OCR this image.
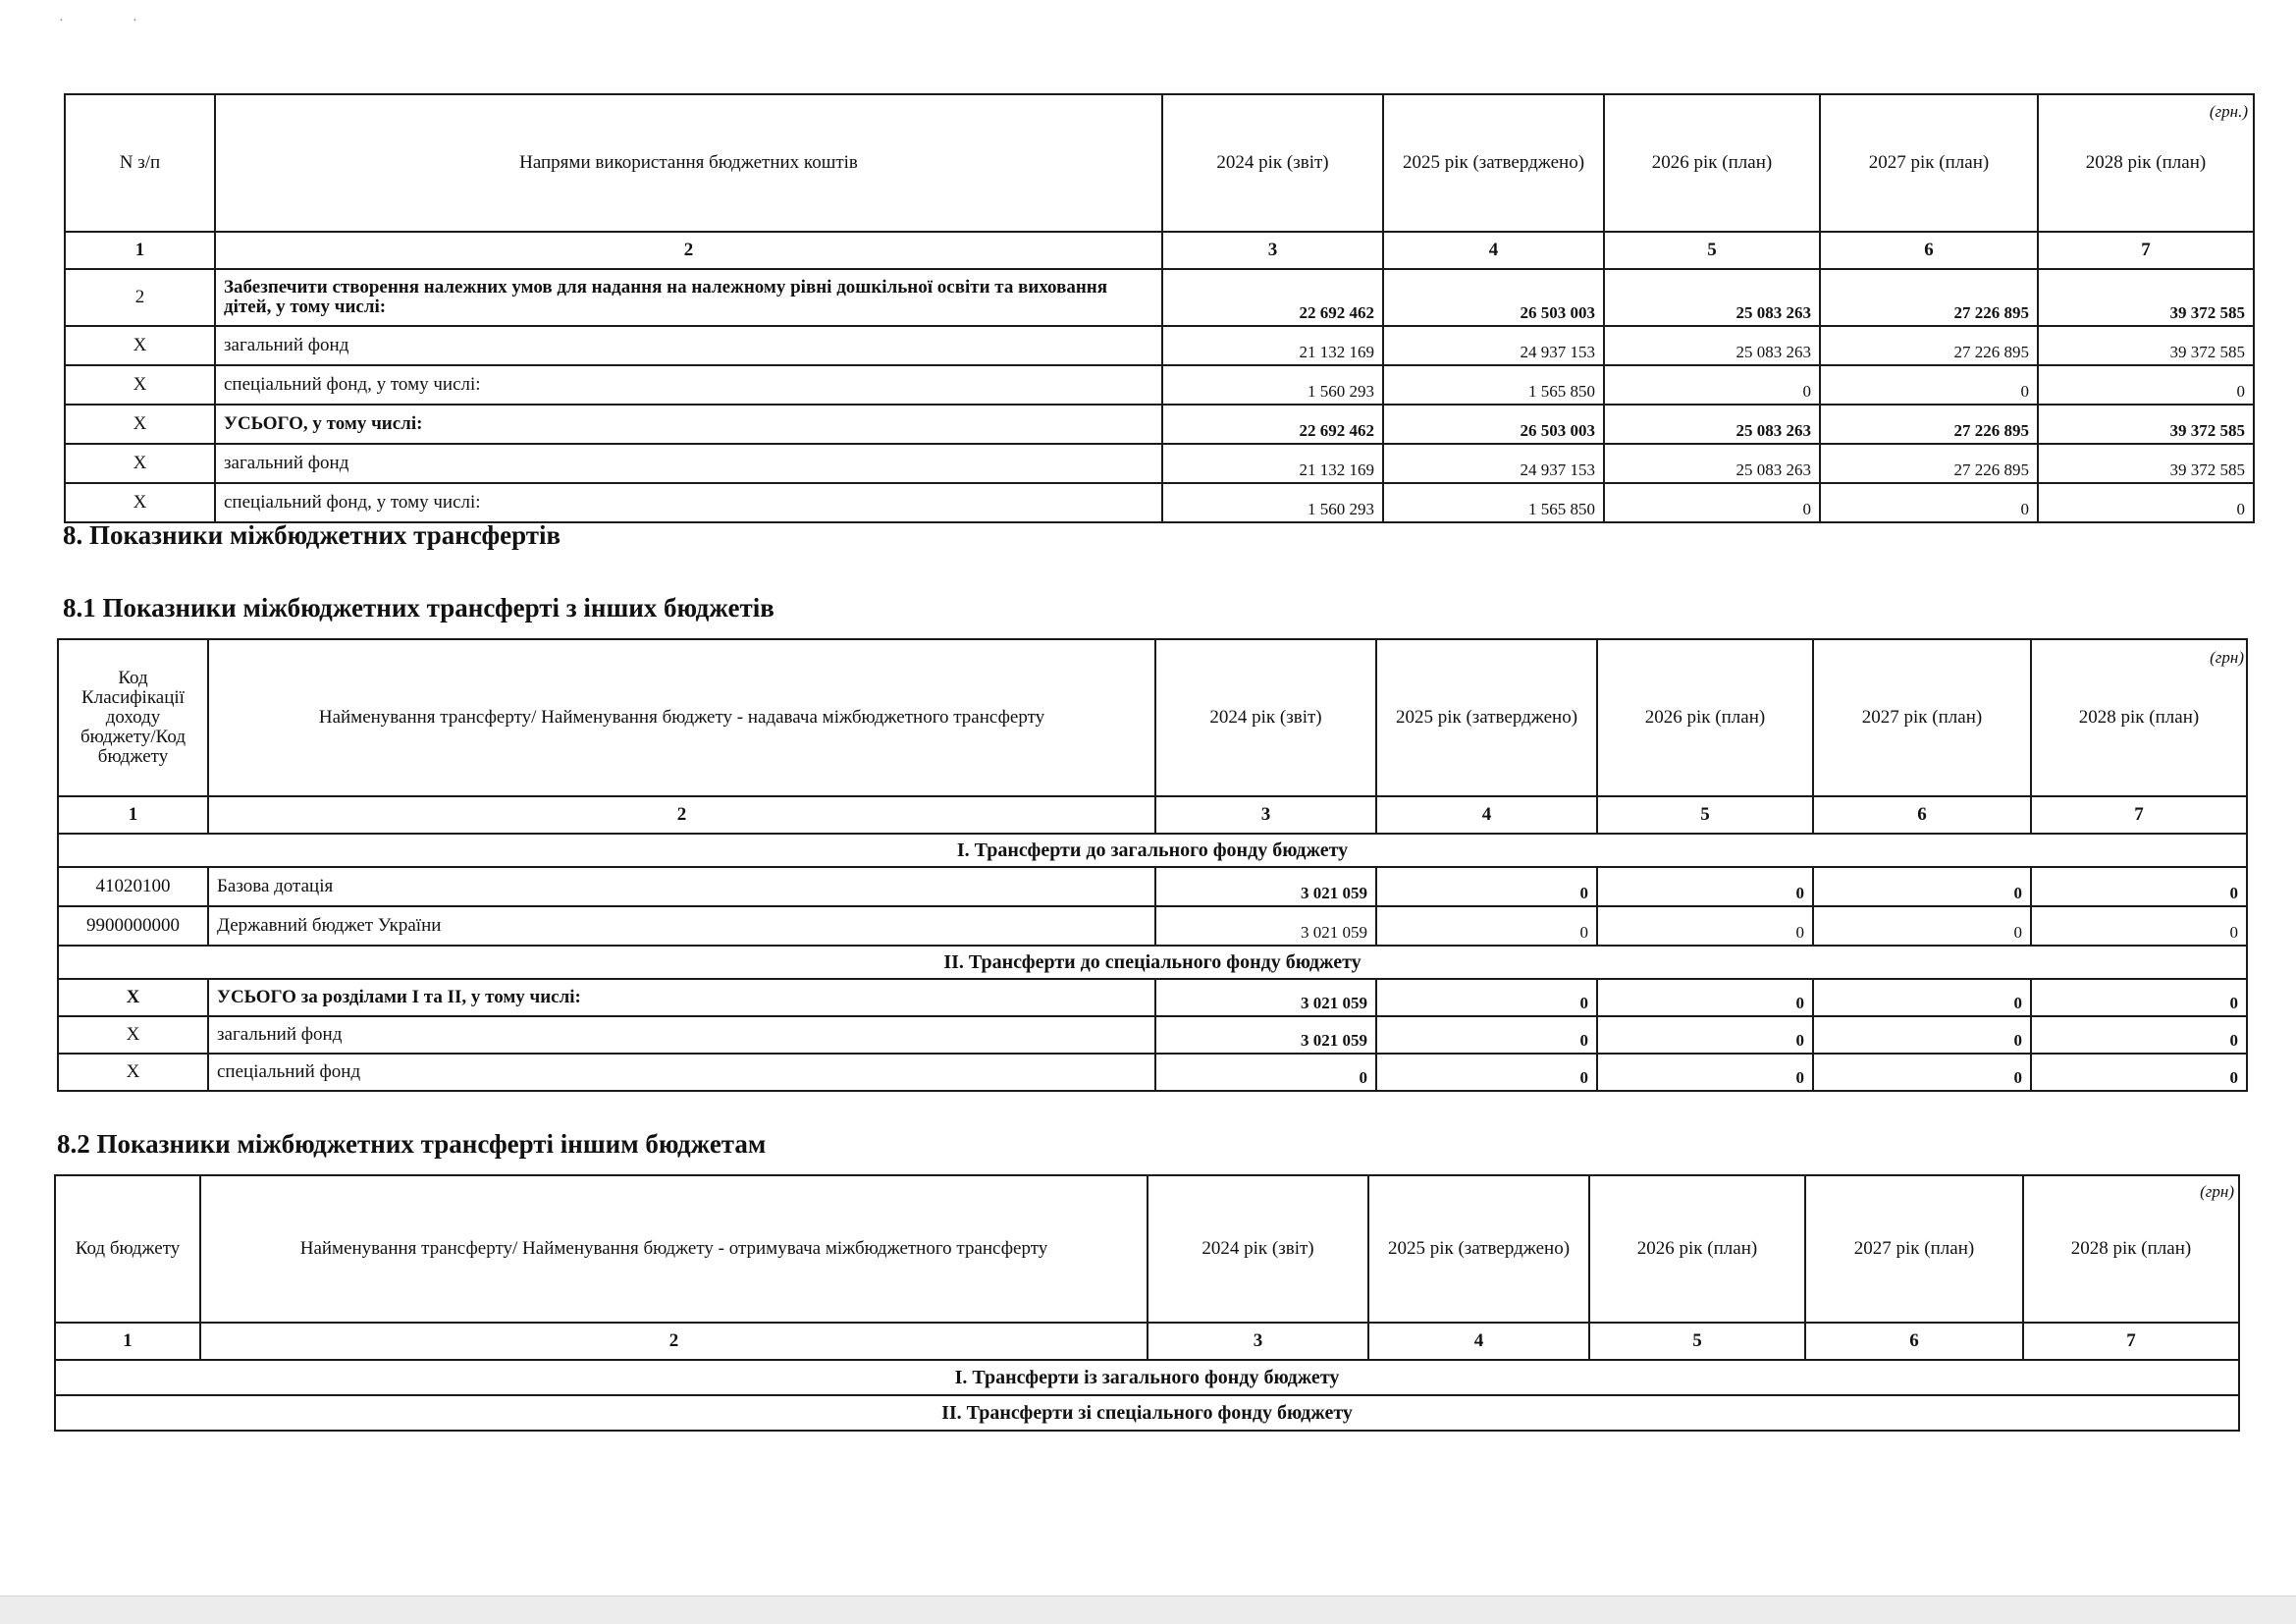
·	·
(грн.)
N з/п	Напрями використання бюджетних коштів	2024 рік (звіт)	2025 рік (затверджено)	2026 рік (план)	2027 рік (план)	2028 рік (план)
1	2	3	4	5	6	7
2	Забезпечити створення належних умов для надання на належному рівні дошкільної освіти та виховання дітей, у тому числі:	22 692 462	26 503 003	25 083 263	27 226 895	39 372 585
Х	загальний фонд	21 132 169	24 937 153	25 083 263	27 226 895	39 372 585
Х	спеціальний фонд, у тому числі:	1 560 293	1 565 850	0	0	0
Х	УСЬОГО, у тому числі:	22 692 462	26 503 003	25 083 263	27 226 895	39 372 585
Х	загальний фонд	21 132 169	24 937 153	25 083 263	27 226 895	39 372 585
Х	спеціальний фонд, у тому числі:	1 560 293	1 565 850	0	0	0
8. Показники міжбюджетних трансфертів
8.1 Показники міжбюджетних трансферті з інших бюджетів
(грн)
Код Класифікації доходу бюджету/Код бюджету	Найменування трансферту/ Найменування бюджету - надавача міжбюджетного трансферту	2024 рік (звіт)	2025 рік (затверджено)	2026 рік (план)	2027 рік (план)	2028 рік (план)
1	2	3	4	5	6	7
І. Трансферти до загального фонду бюджету						
41020100	Базова дотація	3 021 059	0	0	0	0
9900000000	Державний бюджет України	3 021 059	0	0	0	0
ІІ. Трансферти до спеціального фонду бюджету						
Х	УСЬОГО за розділами І та ІІ, у тому числі:	3 021 059	0	0	0	0
Х	загальний фонд	3 021 059	0	0	0	0
Х	спеціальний фонд	0	0	0	0	0
8.2 Показники міжбюджетних трансферті іншим бюджетам
(грн)
Код бюджету	Найменування трансферту/ Найменування бюджету - отримувача міжбюджетного трансферту	2024 рік (звіт)	2025 рік (затверджено)	2026 рік (план)	2027 рік (план)	2028 рік (план)
1	2	3	4	5	6	7
І. Трансферти із загального фонду бюджету						
ІІ. Трансферти зі спеціального фонду бюджету						
